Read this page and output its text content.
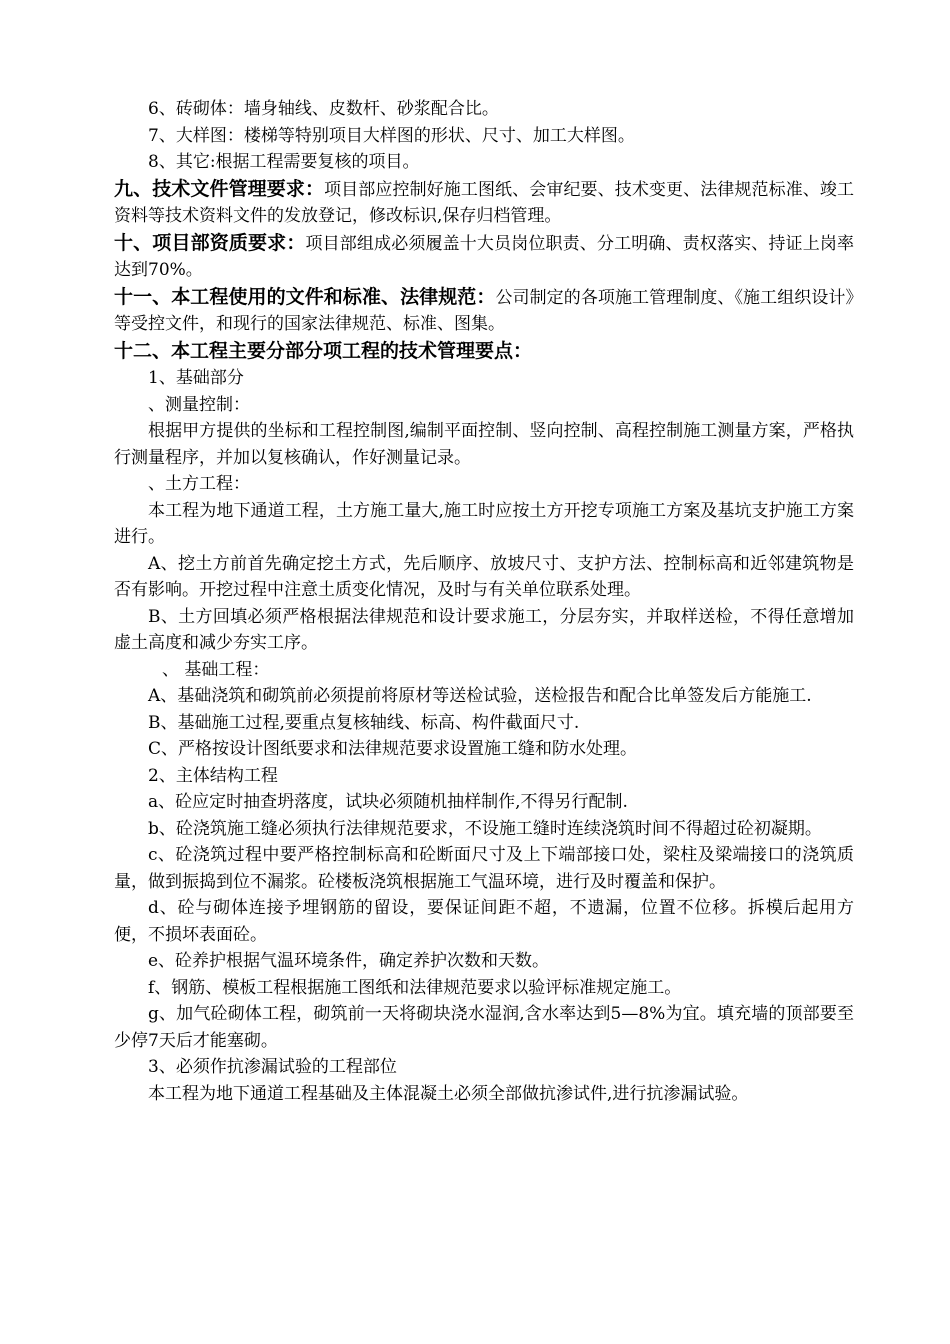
6、砖砌体：墙身轴线、皮数杆、砂浆配合比。

7、大样图：楼梯等特别项目大样图的形状、尺寸、加工大样图。

8、其它:根据工程需要复核的项目。

九、技术文件管理要求：项目部应控制好施工图纸、会审纪要、技术变更、法律规范标准、竣工资料等技术资料文件的发放登记，修改标识,保存归档管理。

十、项目部资质要求：项目部组成必须履盖十大员岗位职责、分工明确、责权落实、持证上岗率达到70%。

十一、本工程使用的文件和标准、法律规范：公司制定的各项施工管理制度、《施工组织设计》等受控文件，和现行的国家法律规范、标准、图集。

十二、本工程主要分部分项工程的技术管理要点：

1、基础部分

、测量控制：

根据甲方提供的坐标和工程控制图,编制平面控制、竖向控制、高程控制施工测量方案，严格执行测量程序，并加以复核确认，作好测量记录。

、土方工程：

本工程为地下通道工程，土方施工量大,施工时应按土方开挖专项施工方案及基坑支护施工方案进行。

A、挖土方前首先确定挖土方式，先后顺序、放坡尺寸、支护方法、控制标高和近邻建筑物是否有影响。开挖过程中注意土质变化情况，及时与有关单位联系处理。

B、土方回填必须严格根据法律规范和设计要求施工，分层夯实，并取样送检，不得任意增加虚土高度和减少夯实工序。

、 基础工程：

A、基础浇筑和砌筑前必须提前将原材等送检试验，送检报告和配合比单签发后方能施工.

B、基础施工过程,要重点复核轴线、标高、构件截面尺寸.

C、严格按设计图纸要求和法律规范要求设置施工缝和防水处理。

2、主体结构工程

a、砼应定时抽查坍落度，试块必须随机抽样制作,不得另行配制.

b、砼浇筑施工缝必须执行法律规范要求，不设施工缝时连续浇筑时间不得超过砼初凝期。

c、砼浇筑过程中要严格控制标高和砼断面尺寸及上下端部接口处，梁柱及梁端接口的浇筑质量，做到振捣到位不漏浆。砼楼板浇筑根据施工气温环境，进行及时覆盖和保护。

d、砼与砌体连接予埋钢筋的留设，要保证间距不超，不遗漏，位置不位移。拆模后起用方便，不损坏表面砼。

e、砼养护根据气温环境条件，确定养护次数和天数。

f、钢筋、模板工程根据施工图纸和法律规范要求以验评标准规定施工。

g、加气砼砌体工程，砌筑前一天将砌块浇水湿润,含水率达到5—8%为宜。填充墙的顶部要至少停7天后才能塞砌。

3、必须作抗渗漏试验的工程部位

本工程为地下通道工程基础及主体混凝土必须全部做抗渗试件,进行抗渗漏试验。
